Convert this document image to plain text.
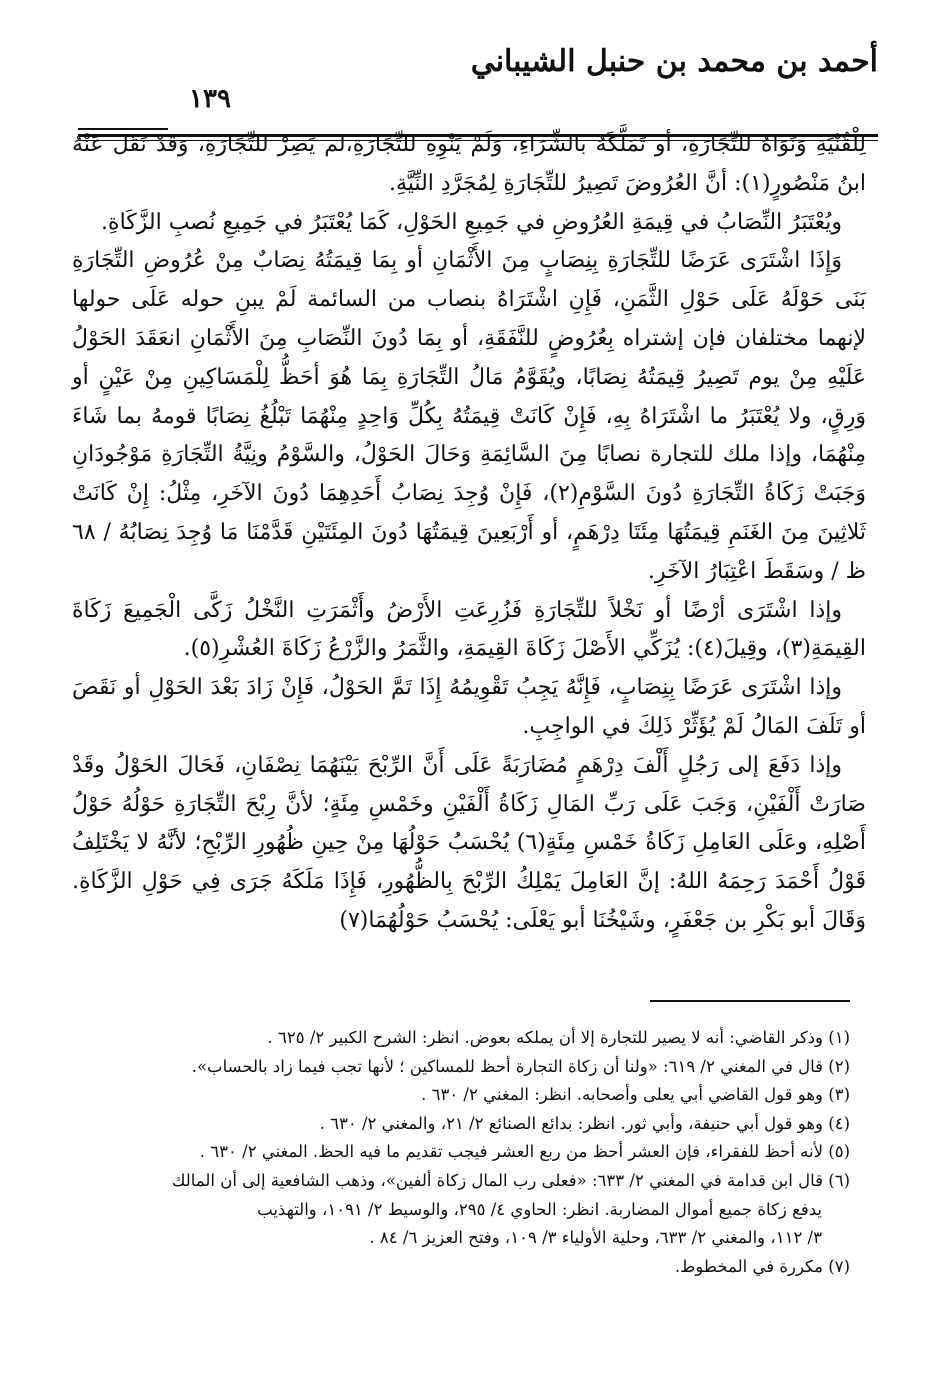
أحمد بن محمد بن حنبل الشيباني
١٣٩

لِلْقُنْيَةِ وَنَوَاهُ للتِّجَارَةِ، أو تَمَلَّكَهُ بالشِّرَاءِ، وَلَمْ يَنْوِهِ للتِّجَارَةِ،لم يَصِرْ للتِّجَارَةِ، وَقَدْ نَقَلَ عَنْهُ ابنُ مَنْصُورٍ(١): أنَّ العُرُوضَ تَصِيرُ للتِّجَارَةِ لِمُجَرَّدِ النِّيَّةِ.

ويُعْتَبَرُ النِّصَابُ في قِيمَةِ العُرُوضِ في جَمِيعِ الحَوْلِ، كَمَا يُعْتَبَرُ في جَمِيعِ نُصبِ الزَّكَاةِ.

وَإِذَا اشْتَرَى عَرَضًا للتِّجَارَةِ بِنِصَابٍ مِنَ الأَثْمَانِ أو بِمَا قِيمَتُهُ نِصَابٌ مِنْ عُرُوضِ التِّجَارَةِ بَنَى حَوْلَهُ عَلَى حَوْلِ الثَّمَنِ، فَإِنِ اشْتَرَاهُ بنصاب من السائمة لَمْ يبنِ حوله عَلَى حولها لإنهما مختلفان فإن إشتراه بِعُرُوضٍ للنَّفَقَةِ، أو بِمَا دُونَ النِّصَابِ مِنَ الأَثْمَانِ انعَقَدَ الحَوْلُ عَلَيْهِ مِنْ يوم تَصِيرُ قِيمَتُهُ نِصَابًا، ويُقَوَّمُ مَالُ التِّجَارَةِ بِمَا هُوَ أحَظُّ لِلْمَسَاكِينِ مِنْ عَيْنٍ أو وَرِقٍ، ولا يُعْتَبَرُ ما اشْتَرَاهُ بِهِ، فَإِنْ كَانَتْ قِيمَتُهُ بِكُلِّ وَاحِدٍ مِنْهُمَا تَبْلُغُ نِصَابًا قومهُ بما شَاءَ مِنْهُمَا، وإذا ملك للتجارة نصابًا مِنَ السَّائِمَةِ وَحَالَ الحَوْلُ، والسَّوْمُ ونِيَّةُ التِّجَارَةِ مَوْجُودَانِ وَجَبَتْ زَكَاةُ التِّجَارَةِ دُونَ السَّوْمِ(٢)، فَإِنْ وُجِدَ نِصَابُ أَحَدِهِمَا دُونَ الآخَرِ، مِثْلُ: إِنْ كَانَتْ ثَلاثِينَ مِنَ الغَنَمِ قِيمَتُهَا مِئَتَا دِرْهَمٍ، أو أَرْبَعِينَ قِيمَتُهَا دُونَ المِئَتَيْنِ قَدَّمْنَا مَا وُجِدَ نِصَابُهُ / ٦٨ ظ / وسَقَطَ اعْتِبَارُ الآخَرِ.

وإذا اشْتَرَى أرْضًا أو نَخْلاً للتِّجَارَةِ فَزُرِعَتِ الأَرْضُ وأَثْمَرَتِ النَّخْلُ زَكَّى الْجَمِيعَ زَكَاةَ القِيمَةِ(٣)، وقِيلَ(٤): يُزَكِّي الأَصْلَ زَكَاةَ القِيمَةِ، والثَّمَرُ والزَّرْعُ زَكَاةَ العُشْرِ(٥).

وإذا اشْتَرَى عَرَضًا بِنِصَابٍ، فَإِنَّهُ يَجِبُ تَقْوِيمُهُ إِذَا تَمَّ الحَوْلُ، فَإِنْ زَادَ بَعْدَ الحَوْلِ أو نَقَصَ أو تَلَفَ المَالُ لَمْ يُؤَثِّرْ ذَلِكَ في الواجِبِ.

وإذا دَفَعَ إلى رَجُلٍ أَلْفَ دِرْهَمٍ مُضَارَبَةً عَلَى أَنَّ الرِّبْحَ بَيْنَهُمَا نِصْفَانِ، فَحَالَ الحَوْلُ وقَدْ صَارَتْ أَلْفَيْنِ، وَجَبَ عَلَى رَبِّ المَالِ زَكَاةُ أَلْفَيْنِ وخَمْسِ مِئَةٍ؛ لأنَّ رِبْحَ التِّجَارَةِ حَوْلُهُ حَوْلُ أَصْلِهِ، وعَلَى العَامِلِ زَكَاةُ خَمْسِ مِئَةٍ(٦) يُحْسَبُ حَوْلُهَا مِنْ حِينِ ظُهُورِ الرِّبْحِ؛ لأنَّهُ لا يَخْتَلِفُ قَوْلُ أَحْمَدَ رَحِمَهُ اللهُ: إنَّ العَامِلَ يَمْلِكُ الرِّبْحَ بِالظُّهُورِ، فَإِذَا مَلَكَهُ جَرَى فِي حَوْلِ الزَّكَاةِ. وَقَالَ أبو بَكْرِ بن جَعْفَرٍ، وشَيْخُنَا أبو يَعْلَى: يُحْسَبُ حَوْلُهُمَا(٧)

(١) وذكر القاضي: أنه لا يصير للتجارة إلا أن يملكه بعوض. انظر: الشرح الكبير ٢/ ٦٢٥ .

(٢) قال في المغني ٢/ ٦١٩: «ولنا أن زكاة التجارة أحظ للمساكين ؛ لأنها تجب فيما زاد بالحساب».

(٣) وهو قول القاضي أبي يعلى وأصحابه. انظر: المغني ٢/ ٦٣٠ .

(٤) وهو قول أبي حنيفة، وأبي ثور. انظر: بدائع الصنائع ٢/ ٢١، والمغني ٢/ ٦٣٠ .

(٥) لأنه أحظ للفقراء، فإن العشر أحظ من ربع العشر فيجب تقديم ما فيه الحظ. المغني ٢/ ٦٣٠ .

(٦) قال ابن قدامة في المغني ٢/ ٦٣٣: «فعلى رب المال زكاة ألفين»، وذهب الشافعية إلى أن المالك

يدفع زكاة جميع أموال المضاربة. انظر: الحاوي ٤/ ٢٩٥، والوسيط ٢/ ١٠٩١، والتهذيب

٣/ ١١٢، والمغني ٢/ ٦٣٣، وحلية الأولياء ٣/ ١٠٩، وفتح العزيز ٦/ ٨٤ .

(٧) مكررة في المخطوط.
